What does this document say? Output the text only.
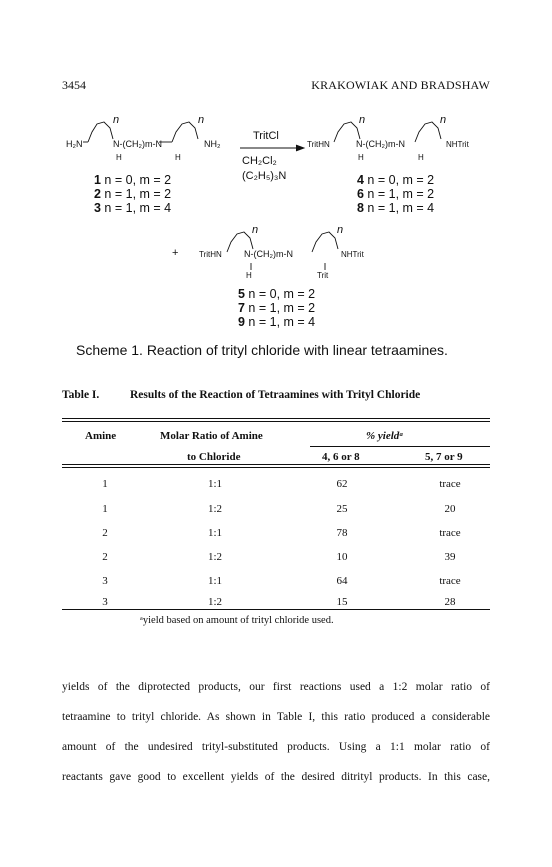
3454	KRAKOWIAK AND BRADSHAW
H₂N	N-(CH₂)m-N	NH₂
H	H
n	n
TritCl
CH₂Cl₂
(C₂H₅)₃N
TritHN	N-(CH₂)m-N	NHTrit
H	H
n	n
1 n = 0, m = 2
2 n = 1, m = 2
3 n = 1, m = 4
4 n = 0, m = 2
6 n = 1, m = 2
8 n = 1, m = 4
+	TritHN N-(CH₂)m-N	NHTrit
H	Trit
n	n
5 n = 0, m = 2
7 n = 1, m = 2
9 n = 1, m = 4
Scheme 1. Reaction of trityl chloride with linear tetraamines.
Table I.	Results of the Reaction of Tetraamines with Trityl Chloride
Amine	Molar Ratio of Amine
to Chloride
% yieldᵃ
4, 6 or 8	5, 7 or 9
1	1:1	62	trace
1	1:2	25	20
2	1:1	78	trace
2	1:2	10	39
3	1:1	64	trace
3	1:2	15	28
ᵃyield based on amount of trityl chloride used.
yields of the diprotected products, our first reactions used a 1:2 molar ratio of
tetraamine to trityl chloride. As shown in Table I, this ratio produced a considerable
amount of the undesired trityl-substituted products. Using a 1:1 molar ratio of
reactants gave good to excellent yields of the desired ditrityl products. In this case,
